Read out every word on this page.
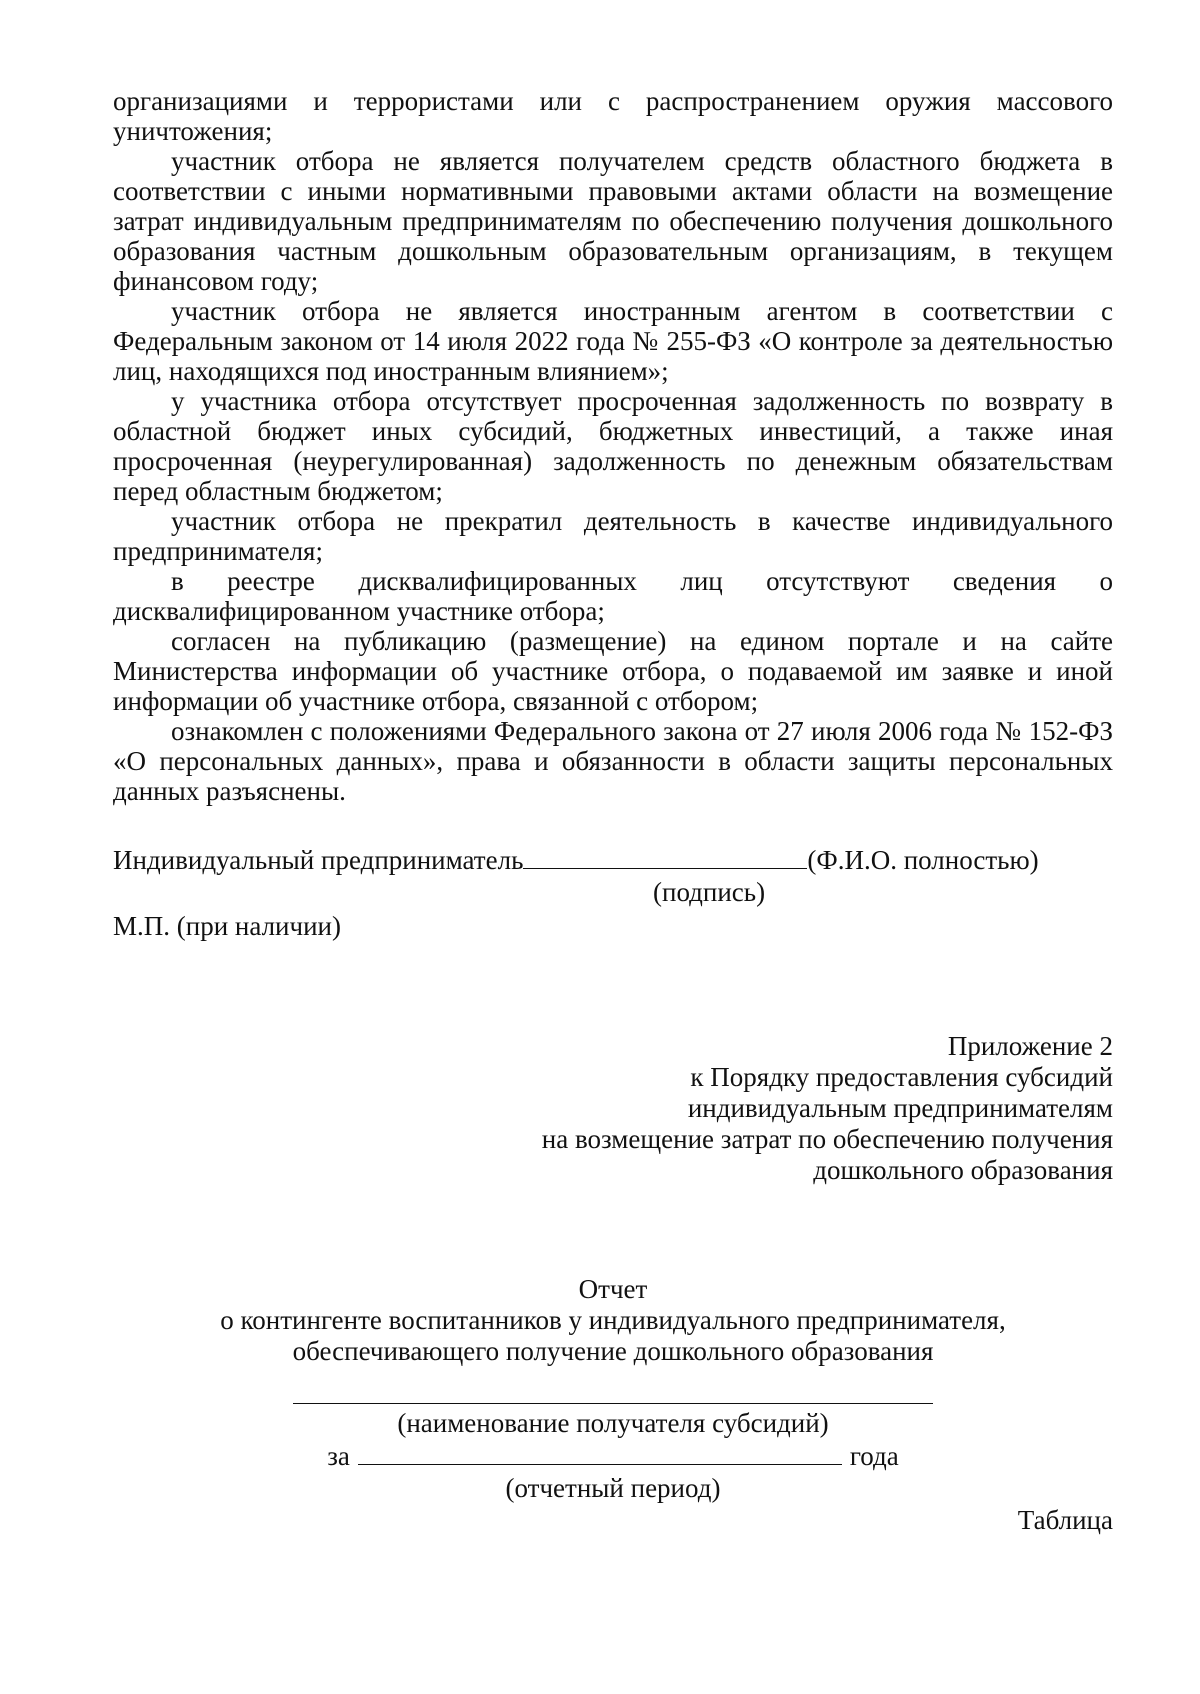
организациями и террористами или с распространением оружия массового уничтожения;

участник отбора не является получателем средств областного бюджета в соответствии с иными нормативными правовыми актами области на возмещение затрат индивидуальным предпринимателям по обеспечению получения дошкольного образования частным дошкольным образовательным организациям, в текущем финансовом году;

участник отбора не является иностранным агентом в соответствии с Федеральным законом от 14 июля 2022 года № 255-ФЗ «О контроле за деятельностью лиц, находящихся под иностранным влиянием»;

у участника отбора отсутствует просроченная задолженность по возврату в областной бюджет иных субсидий, бюджетных инвестиций, а также иная просроченная (неурегулированная) задолженность по денежным обязательствам перед областным бюджетом;

участник отбора не прекратил деятельность в качестве индивидуального предпринимателя;

в реестре дисквалифицированных лиц отсутствуют сведения о дисквалифицированном участнике отбора;

согласен на публикацию (размещение) на едином портале и на сайте Министерства информации об участнике отбора, о подаваемой им заявке и иной информации об участнике отбора, связанной с отбором;

ознакомлен с положениями Федерального закона от 27 июля 2006 года № 152-ФЗ «О персональных данных», права и обязанности в области защиты персональных данных разъяснены.

Индивидуальный предприниматель	(Ф.И.О. полностью)
(подпись)
М.П. (при наличии)
Приложение 2
к Порядку предоставления субсидий
индивидуальным предпринимателям
на возмещение затрат по обеспечению получения
дошкольного образования
Отчет
о контингенте воспитанников у индивидуального предпринимателя,
обеспечивающего получение дошкольного образования
(наименование получателя субсидий)
за	года
(отчетный период)
Таблица
